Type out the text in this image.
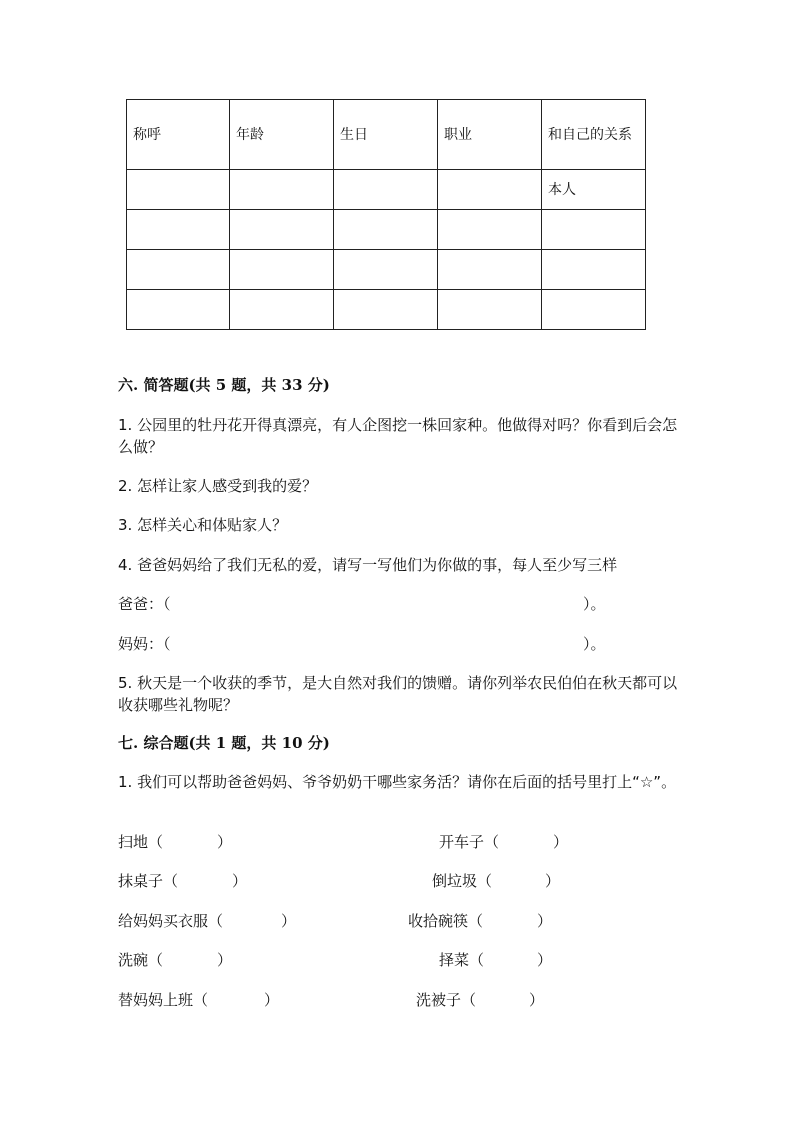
称呼	年龄	生日	职业	和自己的关系

				本人

六. 简答题(共 5 题，共 33 分)
1. 公园里的牡丹花开得真漂亮，有人企图挖一株回家种。他做得对吗？你看到后会怎么做？
2. 怎样让家人感受到我的爱？
3. 怎样关心和体贴家人？
4. 爸爸妈妈给了我们无私的爱，请写一写他们为你做的事，每人至少写三样
爸爸：（	）。
妈妈：（	）。
5. 秋天是一个收获的季节，是大自然对我们的馈赠。请你列举农民伯伯在秋天都可以收获哪些礼物呢？
七. 综合题(共 1 题，共 10 分)
1. 我们可以帮助爸爸妈妈、爷爷奶奶干哪些家务活？请你在后面的括号里打上“☆”。
扫地（	）	开车子（	）
抹桌子（	）	倒垃圾（	）
给妈妈买衣服（	）	收拾碗筷（	）
洗碗（	）	择菜（	）
替妈妈上班（	）	洗被子（	）
